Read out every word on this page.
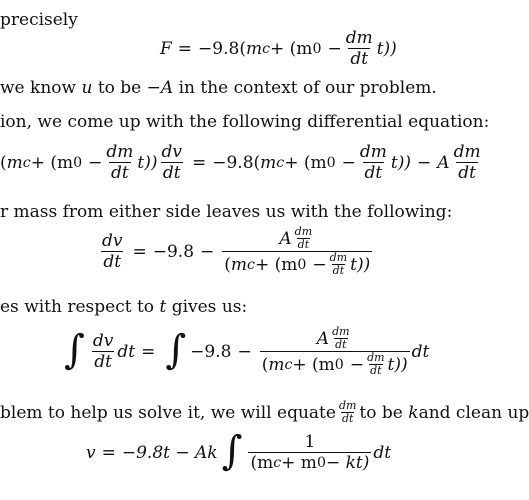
precisely
F = −9.8( m c + (m $0 - \frac{dm}{dt} t$))
we know u to be −A in the context of our problem.
ion, we come up with the following differential equation:
( m c + (m $0 - \frac{dm}{dt} t)) \frac{dv}{dt} = -9.8$( m c + (m $0 - \frac{dm}{dt} t)) - A \frac{dm}{dt}$
r mass from either side leaves us with the following:
$\frac{dv}{dt} = -9.8$ −
A $\frac{dm}{dt}$
( m c + (m $0 - \frac{dm}{dt} t$))
es with respect to t gives us:
∫ $\frac{dv}{dt}$ dt = ∫ −9.8 −
A $\frac{dm}{dt}$
( m c + (m $0 - \frac{dm}{dt} t$))
dt
blem to help us solve it, we will equate $\frac{dm}{dt}$ to be
k and clean up
v = −9.8t − Ak ∫ $\frac{1}{\text{(m c + m 0 − kt)}}$ dt
